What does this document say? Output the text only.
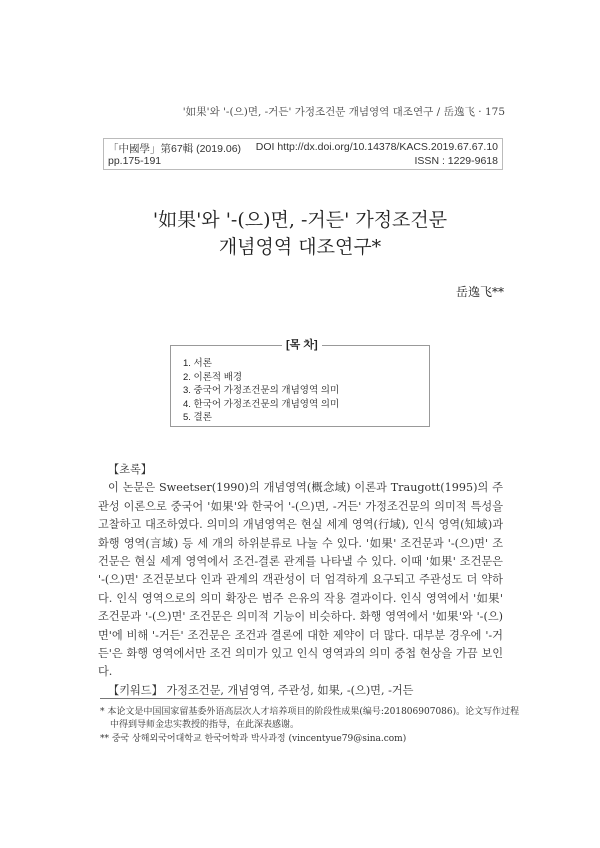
'如果'와 '-(으)면, -거든' 가정조건문 개념영역 대조연구 / 岳逸飞 · 175
「中國學」第67輯 (2019.06)
pp.175-191
DOI http://dx.doi.org/10.14378/KACS.2019.67.67.10
ISSN : 1229-9618
'如果'와 '-(으)면, -거든' 가정조건문
개념영역 대조연구*
岳逸飞**
[목 차]
1. 서론
2. 이론적 배경
3. 중국어 가정조건문의 개념영역 의미
4. 한국어 가정조건문의 개념영역 의미
5. 결론

【초록】

이 논문은 Sweetser(1990)의 개념영역(概念域) 이론과 Traugott(1995)의 주관성 이론으로 중국어 '如果'와 한국어 '-(으)면, -거든' 가정조건문의 의미적 특성을 고찰하고 대조하였다. 의미의 개념영역은 현실 세계 영역(行域), 인식 영역(知域)과 화행 영역(言域) 등 세 개의 하위분류로 나눌 수 있다. '如果' 조건문과 '-(으)면' 조건문은 현실 세계 영역에서 조건-결론 관계를 나타낼 수 있다. 이때 '如果' 조건문은 '-(으)면' 조건문보다 인과 관계의 객관성이 더 엄격하게 요구되고 주관성도 더 약하다. 인식 영역으로의 의미 확장은 범주 은유의 작용 결과이다. 인식 영역에서 '如果' 조건문과 '-(으)면' 조건문은 의미적 기능이 비슷하다. 화행 영역에서 '如果'와 '-(으)면'에 비해 '-거든' 조건문은 조건과 결론에 대한 제약이 더 많다. 대부분 경우에 '-거든'은 화행 영역에서만 조건 의미가 있고 인식 영역과의 의미 중첩 현상을 가끔 보인다.

【키워드】 가정조건문, 개념영역, 주관성, 如果, -(으)면, -거든

* 本论文是中国国家留基委外语高层次人才培养项目的阶段性成果(编号:201806907086)。论文写作过程中得到导师金忠实教授的指导，在此深表感谢。
** 중국 상해외국어대학교 한국어학과 박사과정 (vincentyue79@sina.com)
